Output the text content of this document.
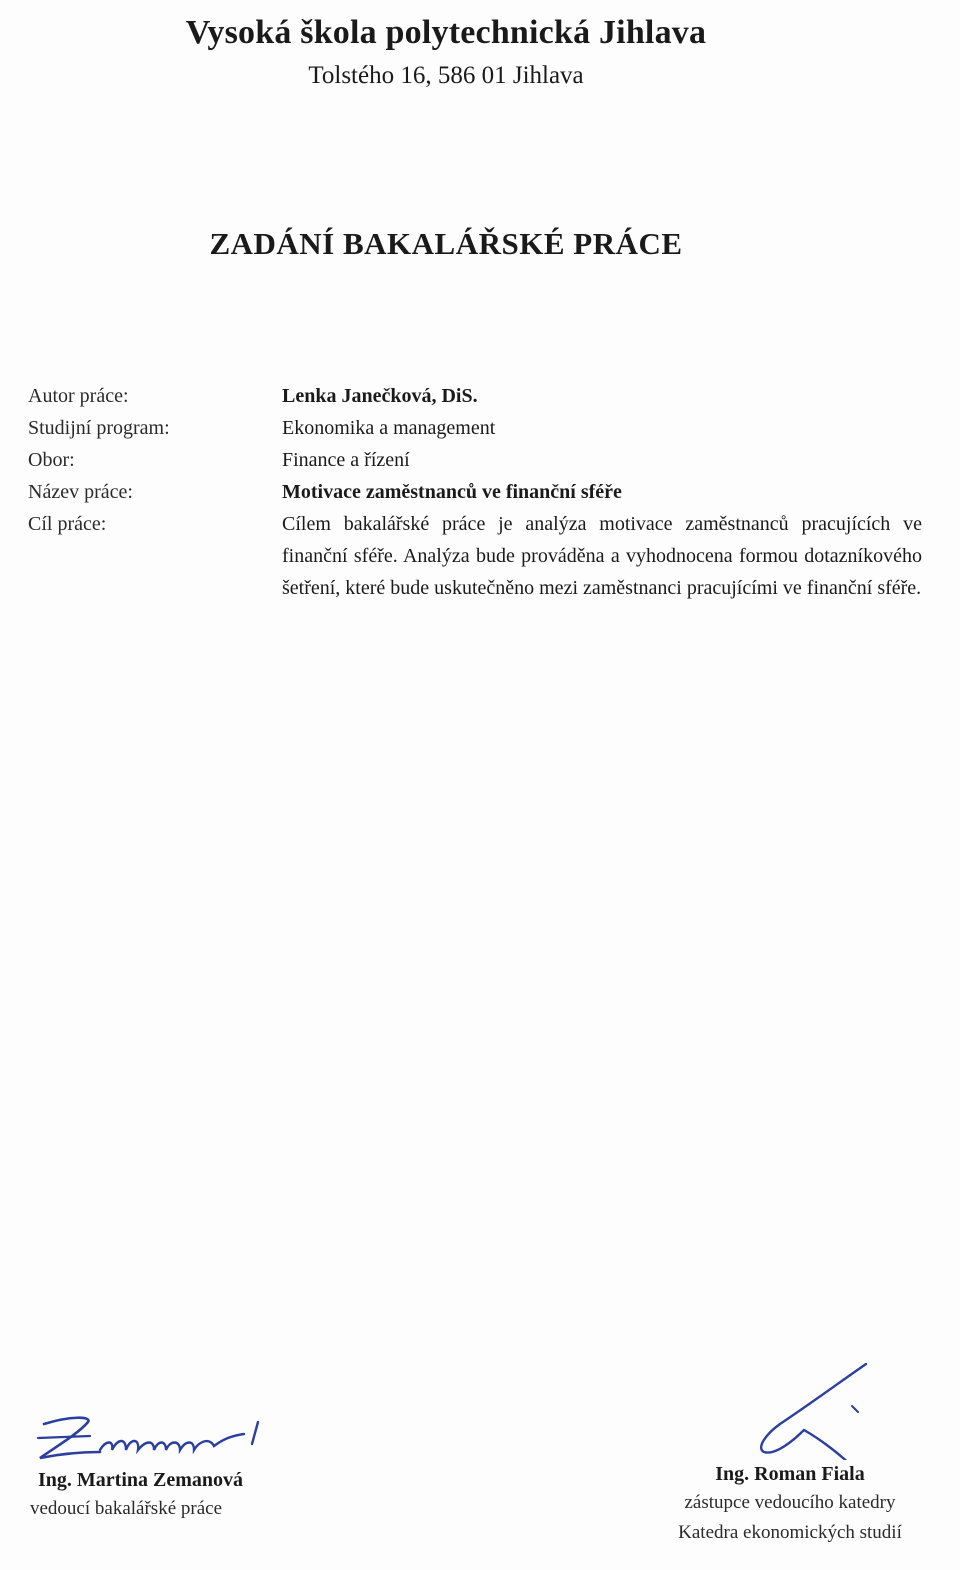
Vysoká škola polytechnická Jihlava
Tolstého 16, 586 01 Jihlava
ZADÁNÍ BAKALÁŘSKÉ PRÁCE
Autor práce:	Lenka Janečková, DiS.
Studijní program:	Ekonomika a management
Obor:	Finance a řízení
Název práce:	Motivace zaměstnanců ve finanční sféře
Cíl práce:	Cílem bakalářské práce je analýza motivace zaměstnanců pracujících ve finanční sféře. Analýza bude prováděna a vyhodnocena formou dotazníkového šetření, které bude uskutečněno mezi zaměstnanci pracujícími ve finanční sféře.
Ing. Martina Zemanová
vedoucí bakalářské práce
Ing. Roman Fiala
zástupce vedoucího katedry
Katedra ekonomických studií
